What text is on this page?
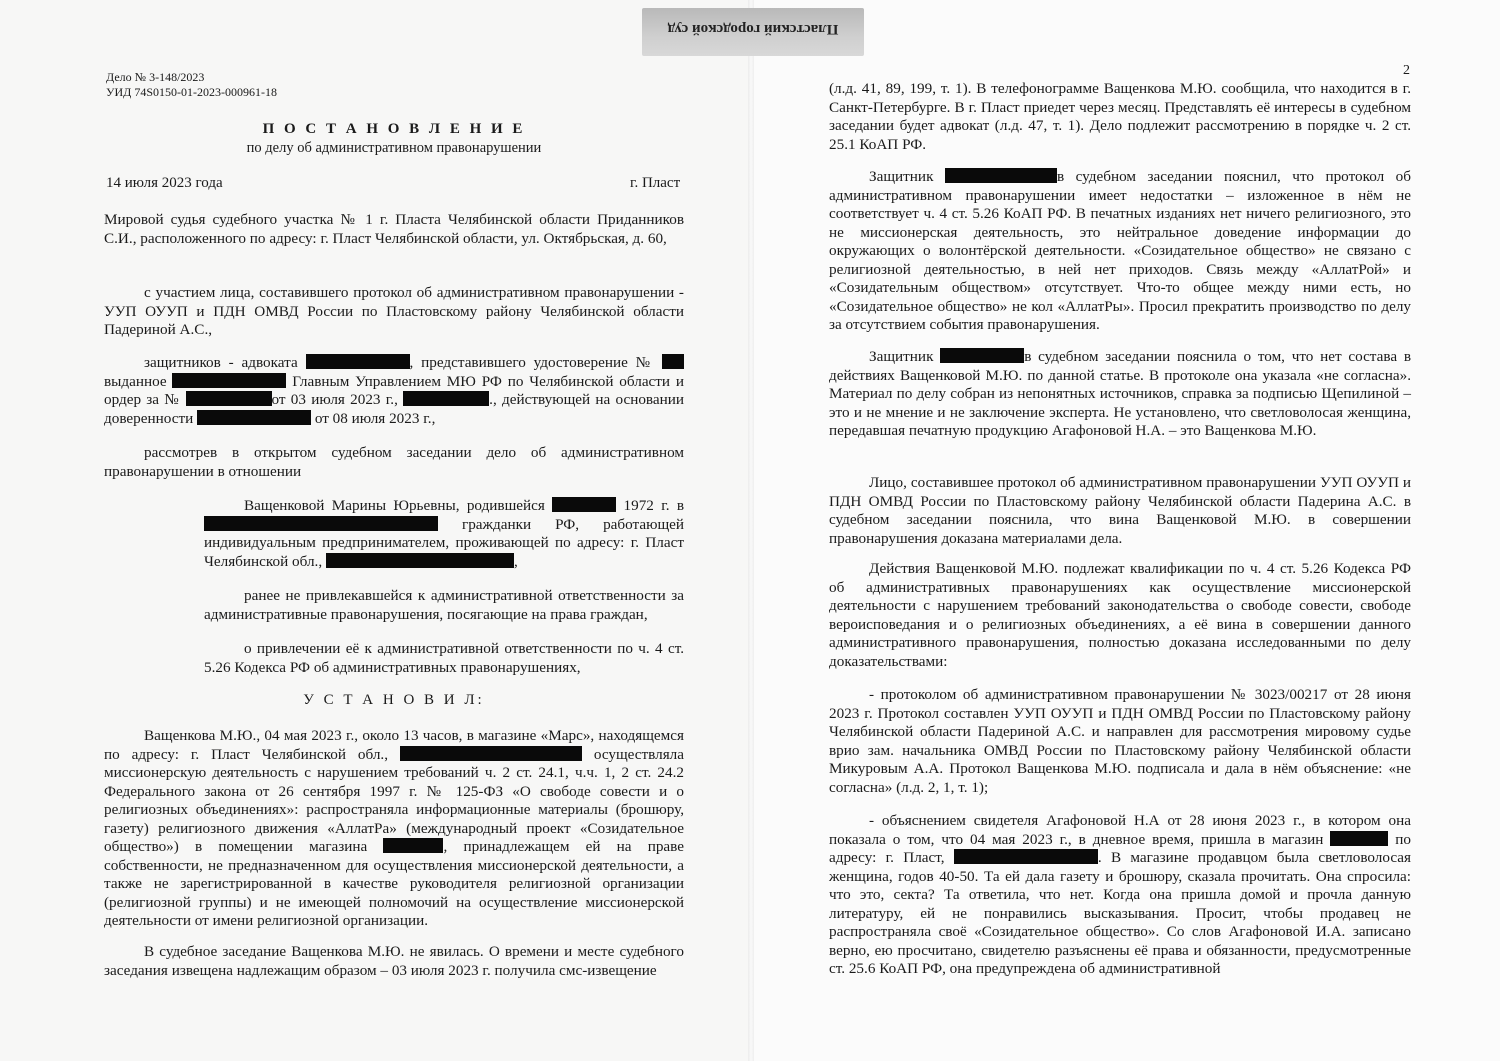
Пластский городской суд
Дело № 3-148/2023
УИД 74S0150-01-2023-000961-18
П О С Т А Н О В Л Е Н И Е
по делу об административном правонарушении
14 июля 2023 года	г. Пласт

Мировой судья судебного участка № 1 г. Пласта Челябинской области Приданников С.И., расположенного по адресу: г. Пласт Челябинской области, ул. Октябрьская, д. 60,

с участием лица, составившего протокол об административном правонарушении - УУП ОУУП и ПДН ОМВД России по Пластовскому району Челябинской области Падериной А.С.,

защитников - адвоката	, представившего удостоверение №  выданное	Главным Управлением МЮ РФ по Челябинской области и ордер за №	от 03 июля 2023 г.,	., действующей на основании доверенности	от 08 июля 2023 г.,

рассмотрев в открытом судебном заседании дело об административном правонарушении в отношении

Ващенковой Марины Юрьевны, родившейся	1972 г. в  гражданки РФ, работающей индивидуальным предпринимателем, проживающей по адресу: г. Пласт Челябинской обл.,	,

ранее не привлекавшейся к административной ответственности за административные правонарушения, посягающие на права граждан,

о привлечении её к административной ответственности по ч. 4 ст. 5.26 Кодекса РФ об административных правонарушениях,

У С Т А Н О В И Л:

Ващенкова М.Ю., 04 мая 2023 г., около 13 часов, в магазине «Марс», находящемся по адресу: г. Пласт Челябинской обл.,	осуществляла миссионерскую деятельность с нарушением требований ч. 2 ст. 24.1, ч.ч. 1, 2 ст. 24.2 Федерального закона от 26 сентября 1997 г. № 125-ФЗ «О свободе совести и о религиозных объединениях»: распространяла информационные материалы (брошюру, газету) религиозного движения «АллатРа» (международный проект «Созидательное общество») в помещении магазина	, принадлежащем ей на праве собственности, не предназначенном для осуществления миссионерской деятельности, а также не зарегистрированной в качестве руководителя религиозной организации (религиозной группы) и не имеющей полномочий на осуществление миссионерской деятельности от имени религиозной организации.

В судебное заседание Ващенкова М.Ю. не явилась. О времени и месте судебного заседания извещена надлежащим образом – 03 июля 2023 г. получила смс-извещение

2

(л.д. 41, 89, 199, т. 1). В телефонограмме Ващенкова М.Ю. сообщила, что находится в г. Санкт-Петербурге. В г. Пласт приедет через месяц. Представлять её интересы в судебном заседании будет адвокат (л.д. 47, т. 1). Дело подлежит рассмотрению в порядке ч. 2 ст. 25.1 КоАП РФ.

Защитник	в судебном заседании пояснил, что протокол об административном правонарушении имеет недостатки – изложенное в нём не соответствует ч. 4 ст. 5.26 КоАП РФ. В печатных изданиях нет ничего религиозного, это не миссионерская деятельность, это нейтральное доведение информации до окружающих о волонтёрской деятельности. «Созидательное общество» не связано с религиозной деятельностью, в ней нет приходов. Связь между «АллатРой» и «Созидательным обществом» отсутствует. Что-то общее между ними есть, но «Созидательное общество» не кол «АллатРы». Просил прекратить производство по делу за отсутствием события правонарушения.

Защитник	в судебном заседании пояснила о том, что нет состава в действиях Ващенковой М.Ю. по данной статье. В протоколе она указала «не согласна». Материал по делу собран из непонятных источников, справка за подписью Щепилиной – это и не мнение и не заключение эксперта. Не установлено, что светловолосая женщина, передавшая печатную продукцию Агафоновой Н.А. – это Ващенкова М.Ю.

Лицо, составившее протокол об административном правонарушении УУП ОУУП и ПДН ОМВД России по Пластовскому району Челябинской области Падерина А.С. в судебном заседании пояснила, что вина Ващенковой М.Ю. в совершении правонарушения доказана материалами дела.

Действия Ващенковой М.Ю. подлежат квалификации по ч. 4 ст. 5.26 Кодекса РФ об административных правонарушениях как осуществление миссионерской деятельности с нарушением требований законодательства о свободе совести, свободе вероисповедания и о религиозных объединениях, а её вина в совершении данного административного правонарушения, полностью доказана исследованными по делу доказательствами:

- протоколом об административном правонарушении № 3023/00217 от 28 июня 2023 г. Протокол составлен УУП ОУУП и ПДН ОМВД России по Пластовскому району Челябинской области Падериной А.С. и направлен для рассмотрения мировому судье врио зам. начальника ОМВД России по Пластовскому району Челябинской области Микуровым А.А. Протокол Ващенкова М.Ю. подписала и дала в нём объяснение: «не согласна» (л.д. 2, 1, т. 1);

- объяснением свидетеля Агафоновой Н.А от 28 июня 2023 г., в котором она показала о том, что 04 мая 2023 г., в дневное время, пришла в магазин	по адресу: г. Пласт,	. В магазине продавцом была светловолосая женщина, годов 40-50. Та ей дала газету и брошюру, сказала прочитать. Она спросила: что это, секта? Та ответила, что нет. Когда она пришла домой и прочла данную литературу, ей не понравились высказывания. Просит, чтобы продавец не распространяла своё «Созидательное общество». Со слов Агафоновой И.А. записано верно, ею просчитано, свидетелю разъяснены её права и обязанности, предусмотренные ст. 25.6 КоАП РФ, она предупреждена об административной
